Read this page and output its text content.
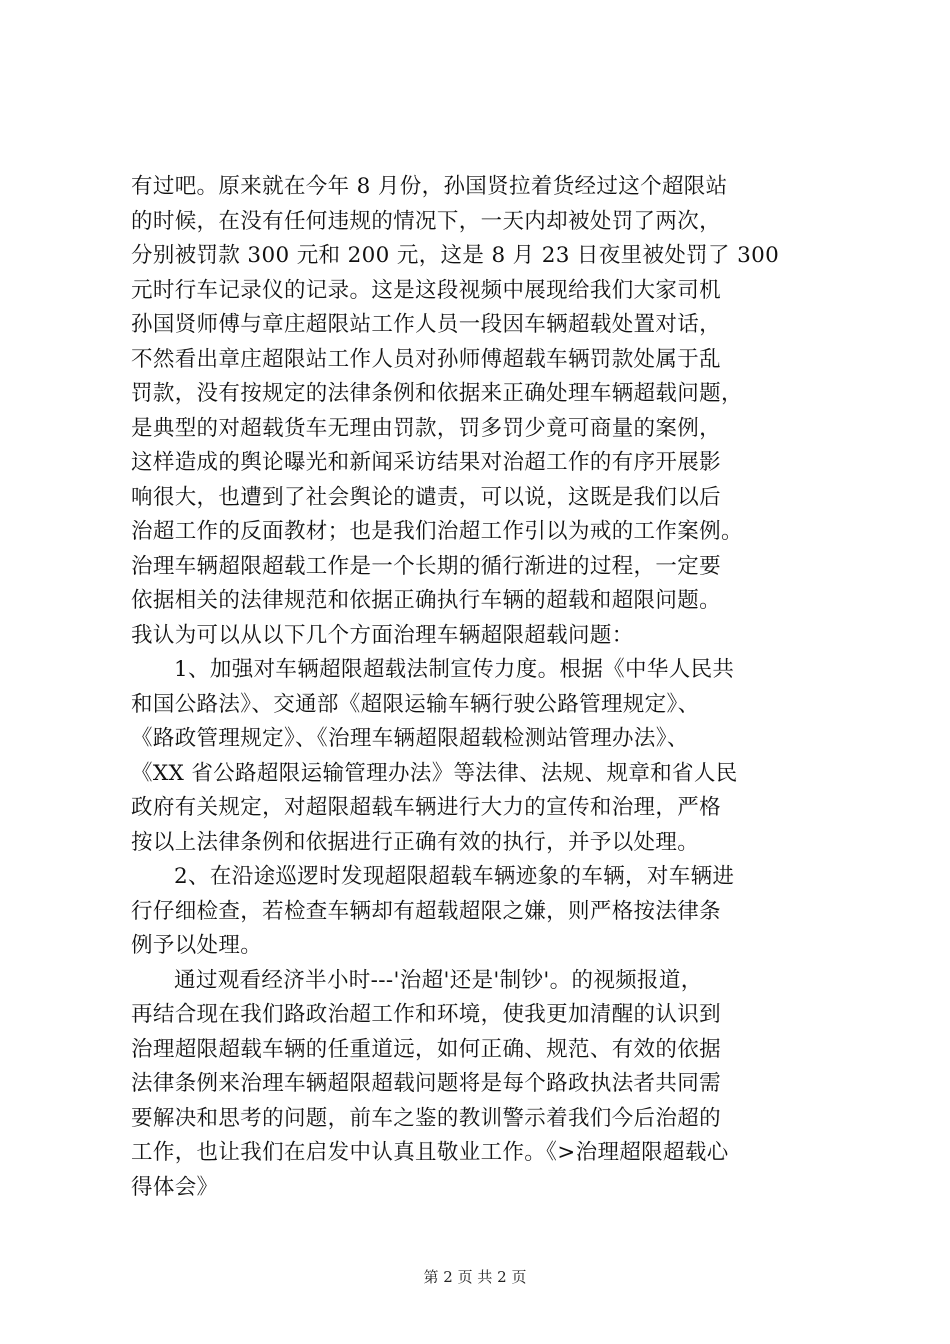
有过吧。原来就在今年 8 月份，孙国贤拉着货经过这个超限站
的时候，在没有任何违规的情况下，一天内却被处罚了两次，
分别被罚款 300 元和 200 元，这是 8 月 23 日夜里被处罚了 300
元时行车记录仪的记录。这是这段视频中展现给我们大家司机
孙国贤师傅与章庄超限站工作人员一段因车辆超载处置对话，
不然看出章庄超限站工作人员对孙师傅超载车辆罚款处属于乱
罚款，没有按规定的法律条例和依据来正确处理车辆超载问题，
是典型的对超载货车无理由罚款，罚多罚少竟可商量的案例，
这样造成的舆论曝光和新闻采访结果对治超工作的有序开展影
响很大，也遭到了社会舆论的谴责，可以说，这既是我们以后
治超工作的反面教材；也是我们治超工作引以为戒的工作案例。
治理车辆超限超载工作是一个长期的循行渐进的过程，一定要
依据相关的法律规范和依据正确执行车辆的超载和超限问题。
我认为可以从以下几个方面治理车辆超限超载问题：
1、加强对车辆超限超载法制宣传力度。根据《中华人民共
和国公路法》、交通部《超限运输车辆行驶公路管理规定》、
《路政管理规定》、《治理车辆超限超载检测站管理办法》、
《XX 省公路超限运输管理办法》等法律、法规、规章和省人民
政府有关规定，对超限超载车辆进行大力的宣传和治理，严格
按以上法律条例和依据进行正确有效的执行，并予以处理。
2、在沿途巡逻时发现超限超载车辆迹象的车辆，对车辆进
行仔细检查，若检查车辆却有超载超限之嫌，则严格按法律条
例予以处理。
通过观看经济半小时---'治超'还是'制钞'。的视频报道，
再结合现在我们路政治超工作和环境，使我更加清醒的认识到
治理超限超载车辆的任重道远，如何正确、规范、有效的依据
法律条例来治理车辆超限超载问题将是每个路政执法者共同需
要解决和思考的问题，前车之鉴的教训警示着我们今后治超的
工作，也让我们在启发中认真且敬业工作。《>治理超限超载心
得体会》
第 2 页 共 2 页
